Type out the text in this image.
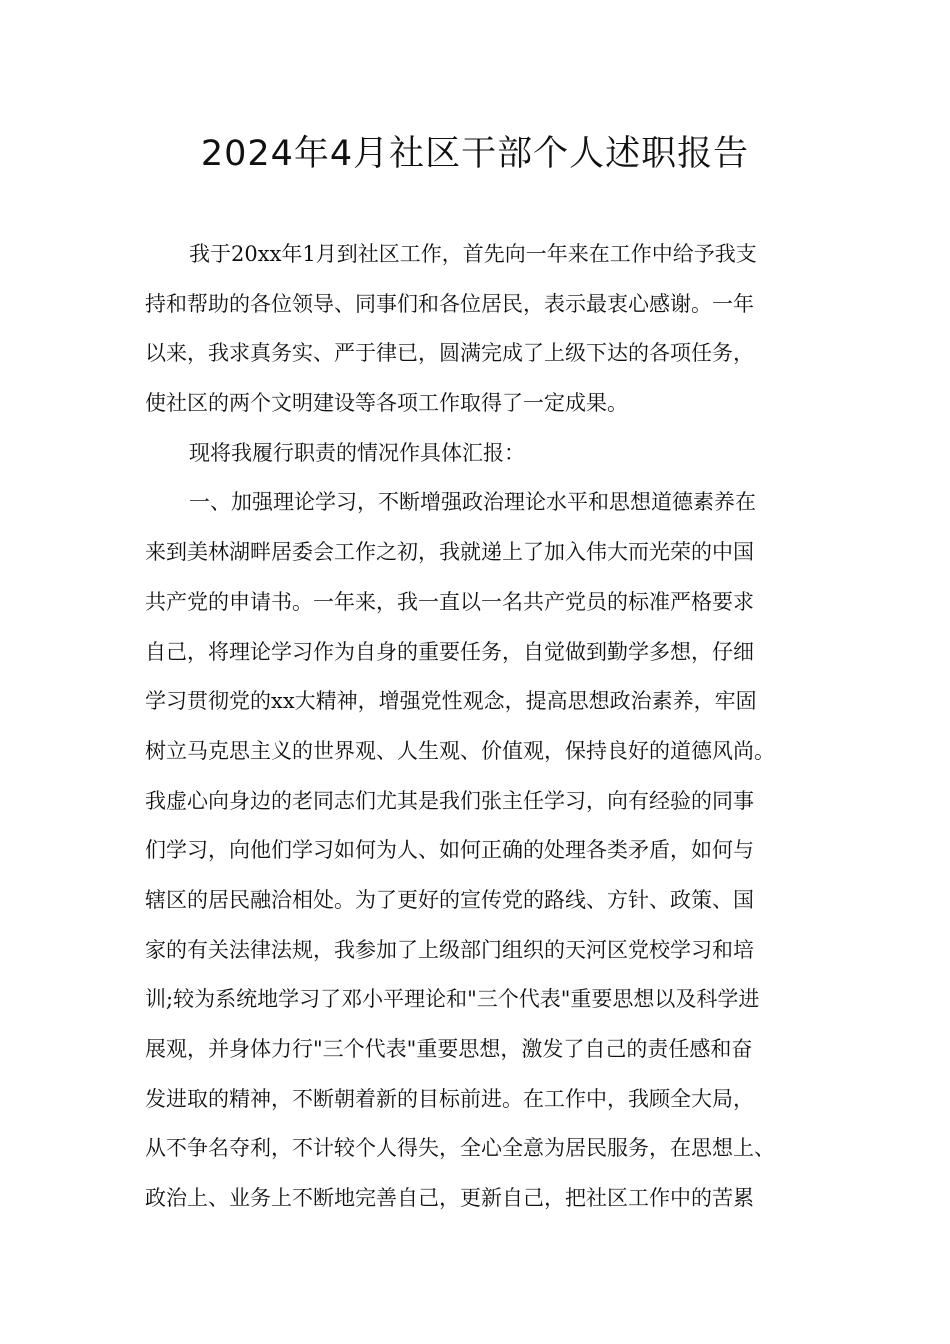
2024年4月社区干部个人述职报告
我于20xx年1月到社区工作，首先向一年来在工作中给予我支
持和帮助的各位领导、同事们和各位居民，表示最衷心感谢。一年
以来，我求真务实、严于律已，圆满完成了上级下达的各项任务，
使社区的两个文明建设等各项工作取得了一定成果。
现将我履行职责的情况作具体汇报：
一、加强理论学习，不断增强政治理论水平和思想道德素养在
来到美林湖畔居委会工作之初，我就递上了加入伟大而光荣的中国
共产党的申请书。一年来，我一直以一名共产党员的标准严格要求
自己，将理论学习作为自身的重要任务，自觉做到勤学多想，仔细
学习贯彻党的xx大精神，增强党性观念，提高思想政治素养，牢固
树立马克思主义的世界观、人生观、价值观，保持良好的道德风尚。
我虚心向身边的老同志们尤其是我们张主任学习，向有经验的同事
们学习，向他们学习如何为人、如何正确的处理各类矛盾，如何与
辖区的居民融洽相处。为了更好的宣传党的路线、方针、政策、国
家的有关法律法规，我参加了上级部门组织的天河区党校学习和培
训;较为系统地学习了邓小平理论和"三个代表"重要思想以及科学进
展观，并身体力行"三个代表"重要思想，激发了自己的责任感和奋
发进取的精神，不断朝着新的目标前进。在工作中，我顾全大局，
从不争名夺利，不计较个人得失，全心全意为居民服务，在思想上、
政治上、业务上不断地完善自己，更新自己，把社区工作中的苦累
